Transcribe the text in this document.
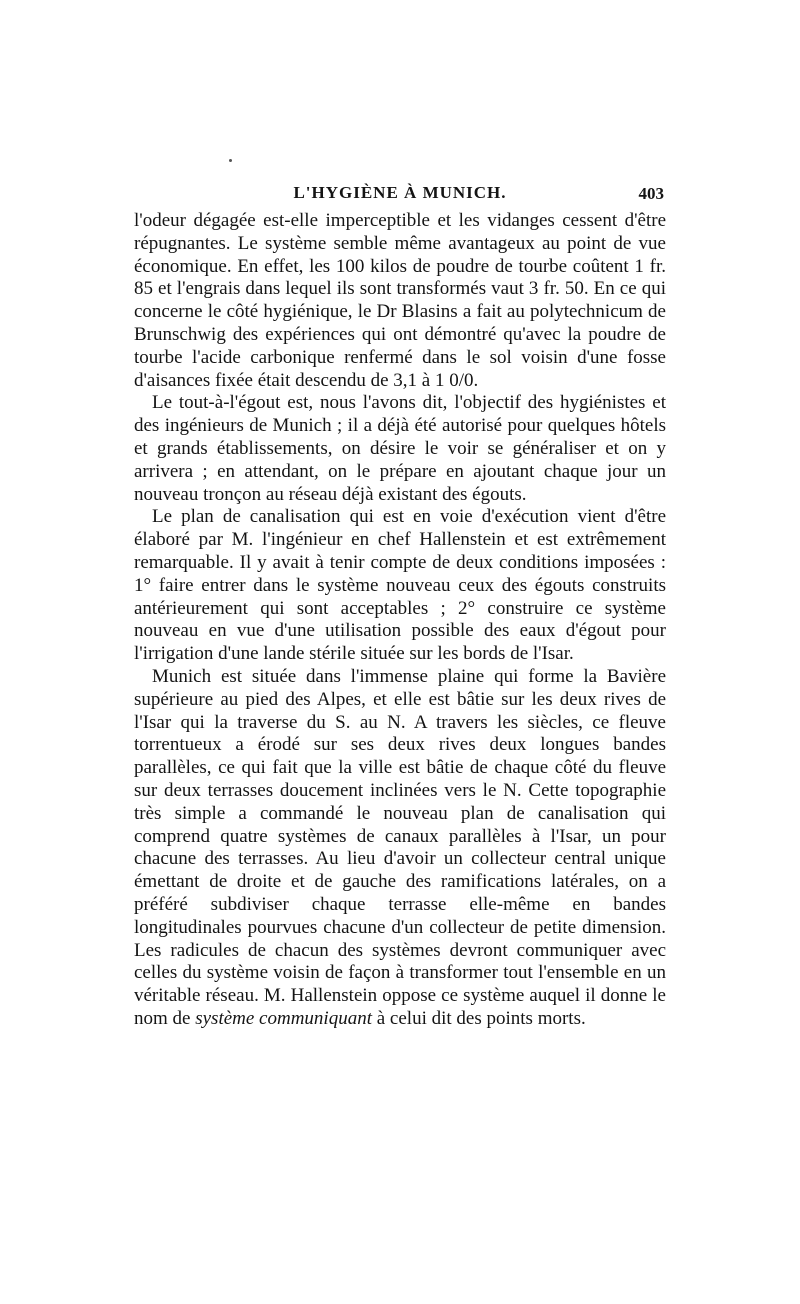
L'HYGIÈNE À MUNICH.	403

l'odeur dégagée est-elle imperceptible et les vidanges cessent d'être répugnantes. Le système semble même avantageux au point de vue économique. En effet, les 100 kilos de poudre de tourbe coûtent 1 fr. 85 et l'engrais dans lequel ils sont transformés vaut 3 fr. 50. En ce qui concerne le côté hygiénique, le Dr Blasins a fait au polytechnicum de Brunschwig des expériences qui ont démontré qu'avec la poudre de tourbe l'acide carbonique renfermé dans le sol voisin d'une fosse d'aisances fixée était descendu de 3,1 à 1 0/0.

Le tout-à-l'égout est, nous l'avons dit, l'objectif des hygiénistes et des ingénieurs de Munich ; il a déjà été autorisé pour quelques hôtels et grands établissements, on désire le voir se généraliser et on y arrivera ; en attendant, on le prépare en ajoutant chaque jour un nouveau tronçon au réseau déjà existant des égouts.

Le plan de canalisation qui est en voie d'exécution vient d'être élaboré par M. l'ingénieur en chef Hallenstein et est extrêmement remarquable. Il y avait à tenir compte de deux conditions imposées : 1° faire entrer dans le système nouveau ceux des égouts construits antérieurement qui sont acceptables ; 2° construire ce système nouveau en vue d'une utilisation possible des eaux d'égout pour l'irrigation d'une lande stérile située sur les bords de l'Isar.

Munich est située dans l'immense plaine qui forme la Bavière supérieure au pied des Alpes, et elle est bâtie sur les deux rives de l'Isar qui la traverse du S. au N. A travers les siècles, ce fleuve torrentueux a érodé sur ses deux rives deux longues bandes parallèles, ce qui fait que la ville est bâtie de chaque côté du fleuve sur deux terrasses doucement inclinées vers le N. Cette topographie très simple a commandé le nouveau plan de canalisation qui comprend quatre systèmes de canaux parallèles à l'Isar, un pour chacune des terrasses. Au lieu d'avoir un collecteur central unique émettant de droite et de gauche des ramifications latérales, on a préféré subdiviser chaque terrasse elle-même en bandes longitudinales pourvues chacune d'un collecteur de petite dimension. Les radicules de chacun des systèmes devront communiquer avec celles du système voisin de façon à transformer tout l'ensemble en un véritable réseau. M. Hallenstein oppose ce système auquel il donne le nom de système communiquant à celui dit des points morts.
